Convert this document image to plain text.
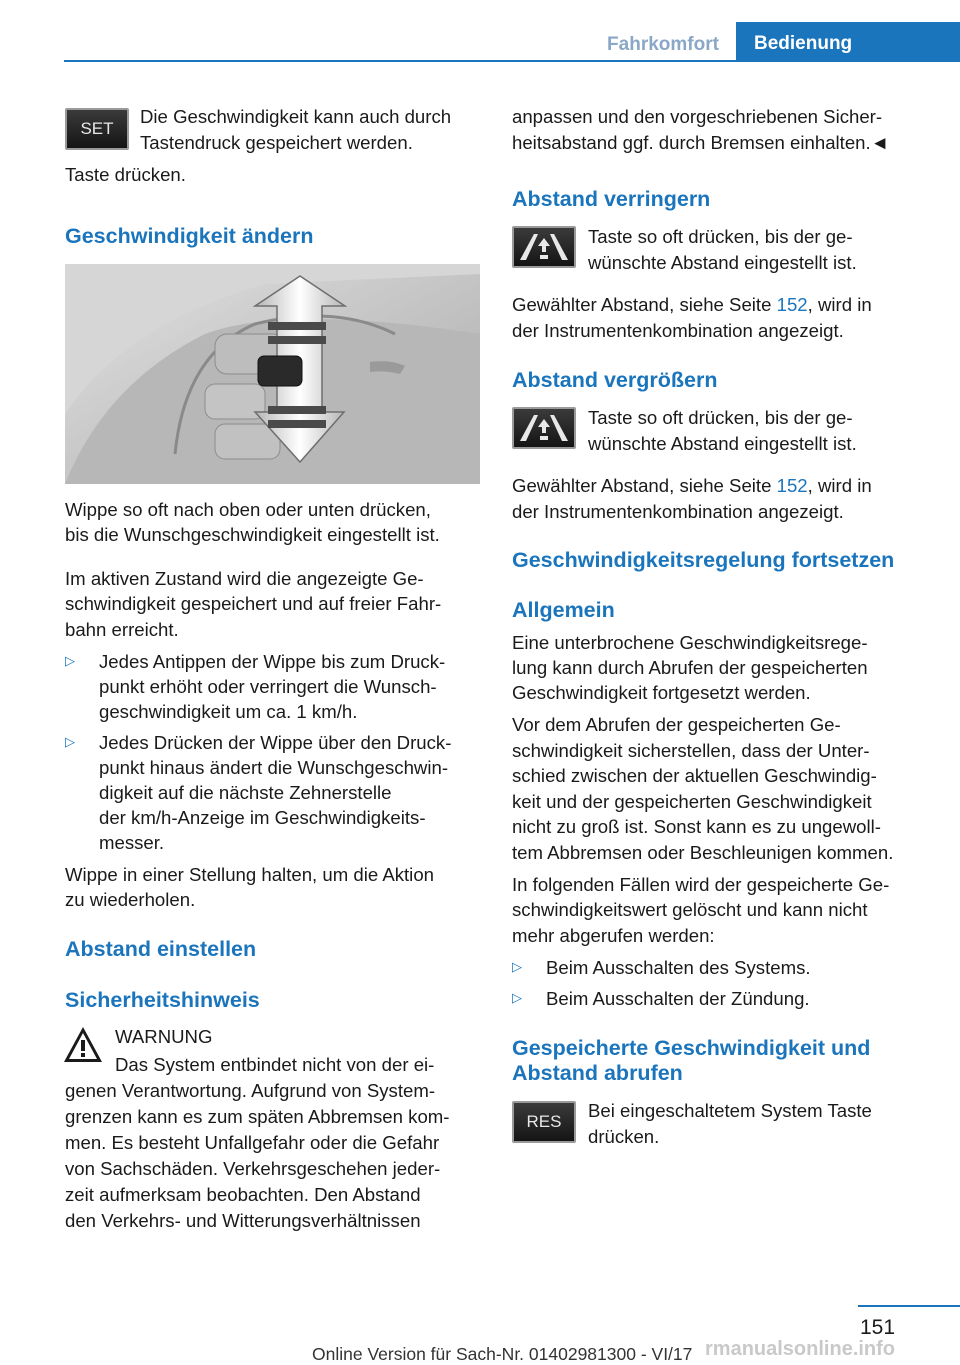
Fahrkomfort	Bedienung
SET

Die Geschwindigkeit kann auch durch

Tastendruck gespeichert werden.

Taste drücken.

Geschwindigkeit ändern

Wippe so oft nach oben oder unten drücken,

bis die Wunschgeschwindigkeit eingestellt ist.

Im aktiven Zustand wird die angezeigte Ge-

schwindigkeit gespeichert und auf freier Fahr-

bahn erreicht.

▷ Jedes Antippen der Wippe bis zum Druck-
punkt erhöht oder verringert die Wunsch-
geschwindigkeit um ca. 1 km/h.
▷ Jedes Drücken der Wippe über den Druck-
punkt hinaus ändert die Wunschgeschwin-
digkeit auf die nächste Zehnerstelle
der km/h-Anzeige im Geschwindigkeits-
messer.

Wippe in einer Stellung halten, um die Aktion

zu wiederholen.

Abstand einstellen
Sicherheitshinweis

WARNUNG

Das System entbindet nicht von der ei-

genen Verantwortung. Aufgrund von System-

grenzen kann es zum späten Abbremsen kom-

men. Es besteht Unfallgefahr oder die Gefahr

von Sachschäden. Verkehrsgeschehen jeder-

zeit aufmerksam beobachten. Den Abstand

den Verkehrs- und Witterungsverhältnissen

anpassen und den vorgeschriebenen Sicher-

heitsabstand ggf. durch Bremsen einhalten.◄

Abstand verringern

Taste so oft drücken, bis der ge-

wünschte Abstand eingestellt ist.

Gewählter Abstand, siehe Seite 152, wird in

der Instrumentenkombination angezeigt.

Abstand vergrößern

Taste so oft drücken, bis der ge-

wünschte Abstand eingestellt ist.

Gewählter Abstand, siehe Seite 152, wird in

der Instrumentenkombination angezeigt.

Geschwindigkeitsregelung fortsetzen
Allgemein

Eine unterbrochene Geschwindigkeitsrege-

lung kann durch Abrufen der gespeicherten

Geschwindigkeit fortgesetzt werden.

Vor dem Abrufen der gespeicherten Ge-

schwindigkeit sicherstellen, dass der Unter-

schied zwischen der aktuellen Geschwindig-

keit und der gespeicherten Geschwindigkeit

nicht zu groß ist. Sonst kann es zu ungewoll-

tem Abbremsen oder Beschleunigen kommen.

In folgenden Fällen wird der gespeicherte Ge-

schwindigkeitswert gelöscht und kann nicht

mehr abgerufen werden:

▷ Beim Ausschalten des Systems.
▷ Beim Ausschalten der Zündung.
Gespeicherte Geschwindigkeit und
Abstand abrufen
RES

Bei eingeschaltetem System Taste

drücken.

151
Online Version für Sach-Nr. 01402981300 - VI/17 rmanualsonline.info
